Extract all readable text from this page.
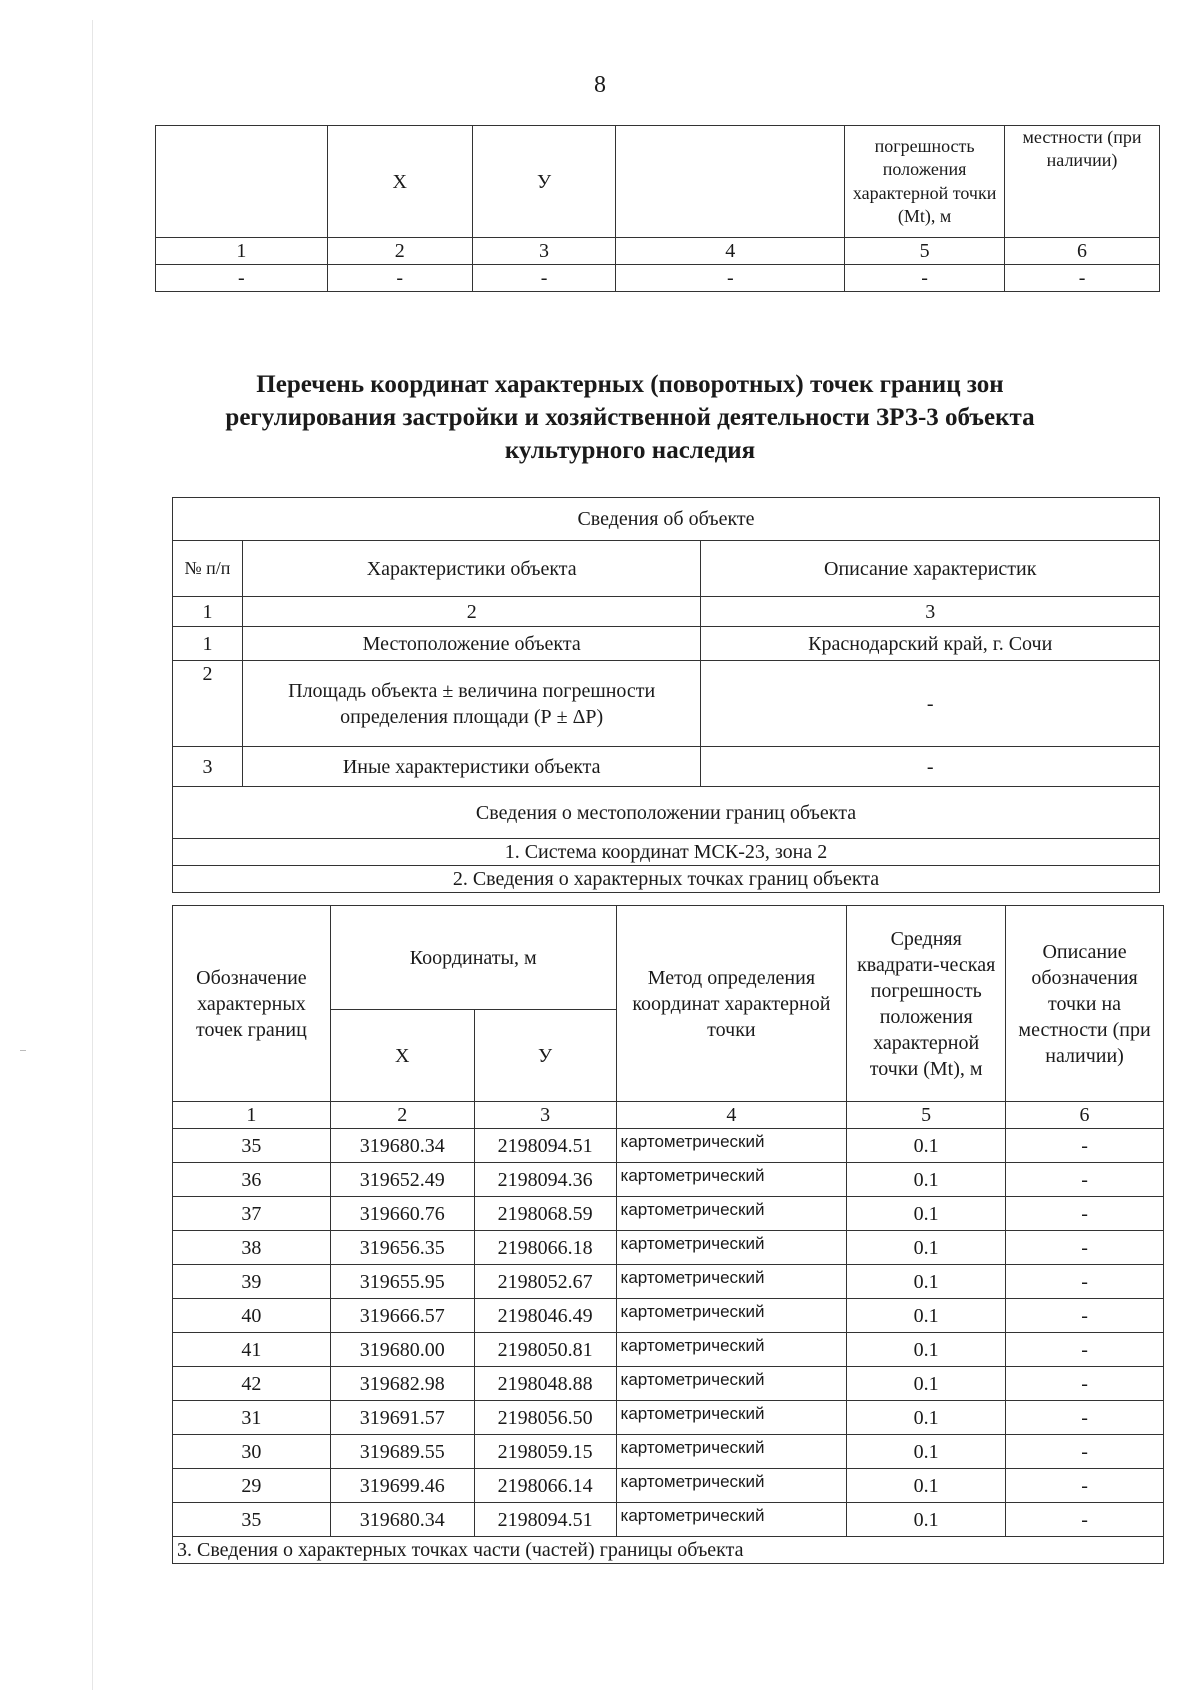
8
	Х	У		погрешность положения характерной точки (Mt), м	местности (при наличии)
1	2	3	4	5	6
-	-	-	-	-	-
Перечень координат характерных (поворотных) точек границ зон
регулирования застройки и хозяйственной деятельности ЗРЗ-3 объекта
культурного наследия
Сведения об объекте		
№ п/п	Характеристики объекта	Описание характеристик
1	2	3
1	Местоположение объекта	Краснодарский край, г. Сочи
2	Площадь объекта ± величина погрешности определения площади (Р ± ΔР)	-
3	Иные характеристики объекта	-
Сведения о местоположении границ объекта		
1. Система координат МСК-23, зона 2		
2. Сведения о характерных точках границ объекта		
Обозначение характерных точек границ	Координаты, м		Метод определения координат характерной точки	Средняя квадрати-ческая погрешность положения характерной точки (Mt), м	Описание обозначения точки на местности (при наличии)
	Х	У			
1	2	3	4	5	6
35	319680.34	2198094.51	картометрический	0.1	-
36	319652.49	2198094.36	картометрический	0.1	-
37	319660.76	2198068.59	картометрический	0.1	-
38	319656.35	2198066.18	картометрический	0.1	-
39	319655.95	2198052.67	картометрический	0.1	-
40	319666.57	2198046.49	картометрический	0.1	-
41	319680.00	2198050.81	картометрический	0.1	-
42	319682.98	2198048.88	картометрический	0.1	-
31	319691.57	2198056.50	картометрический	0.1	-
30	319689.55	2198059.15	картометрический	0.1	-
29	319699.46	2198066.14	картометрический	0.1	-
35	319680.34	2198094.51	картометрический	0.1	-
3. Сведения о характерных точках части (частей) границы объекта					
